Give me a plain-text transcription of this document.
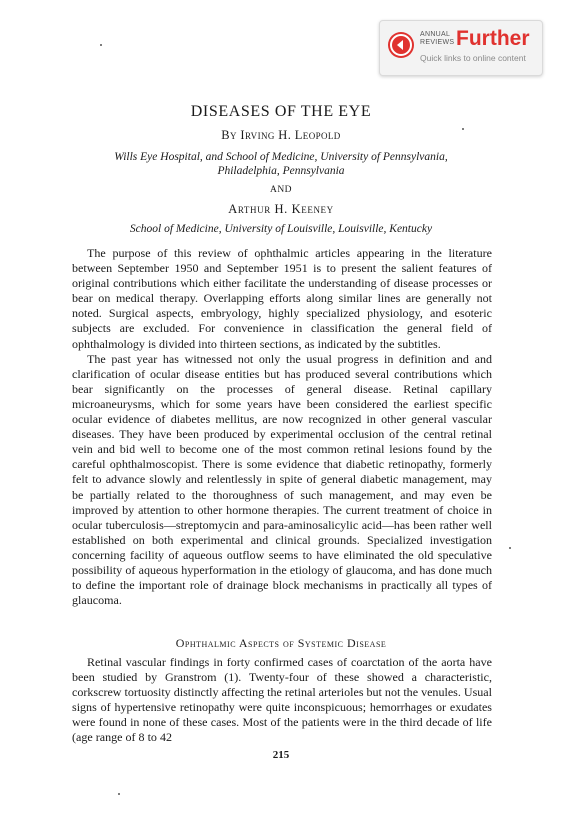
ANNUAL
REVIEWS Further
Quick links to online content
DISEASES OF THE EYE
By Irving H. Leopold
Wills Eye Hospital, and School of Medicine, University of Pennsylvania,
Philadelphia, Pennsylvania
AND
Arthur H. Keeney
School of Medicine, University of Louisville, Louisville, Kentucky

The purpose of this review of ophthalmic articles appearing in the literature between September 1950 and September 1951 is to present the salient features of original contributions which either facilitate the understanding of disease processes or bear on medical therapy. Overlapping efforts along similar lines are generally not noted. Surgical aspects, embryology, highly specialized physiology, and esoteric subjects are excluded. For convenience in classification the general field of ophthalmology is divided into thirteen sections, as indicated by the subtitles.

The past year has witnessed not only the usual progress in definition and and clarification of ocular disease entities but has produced several contributions which bear significantly on the processes of general disease. Retinal capillary microaneurysms, which for some years have been considered the earliest specific ocular evidence of diabetes mellitus, are now recognized in other general vascular diseases. They have been produced by experimental occlusion of the central retinal vein and bid well to become one of the most common retinal lesions found by the careful ophthalmoscopist. There is some evidence that diabetic retinopathy, formerly felt to advance slowly and relentlessly in spite of general diabetic management, may be partially related to the thoroughness of such management, and may even be improved by attention to other hormone therapies. The current treatment of choice in ocular tuberculosis—streptomycin and para-aminosalicylic acid—has been rather well established on both experimental and clinical grounds. Specialized investigation concerning facility of aqueous outflow seems to have eliminated the old speculative possibility of aqueous hyperformation in the etiology of glaucoma, and has done much to define the important role of drainage block mechanisms in practically all types of glaucoma.

Ophthalmic Aspects of Systemic Disease

Retinal vascular findings in forty confirmed cases of coarctation of the aorta have been studied by Granstrom (1). Twenty-four of these showed a characteristic, corkscrew tortuosity distinctly affecting the retinal arterioles but not the venules. Usual signs of hypertensive retinopathy were quite inconspicuous; hemorrhages or exudates were found in none of these cases. Most of the patients were in the third decade of life (age range of 8 to 42

215
